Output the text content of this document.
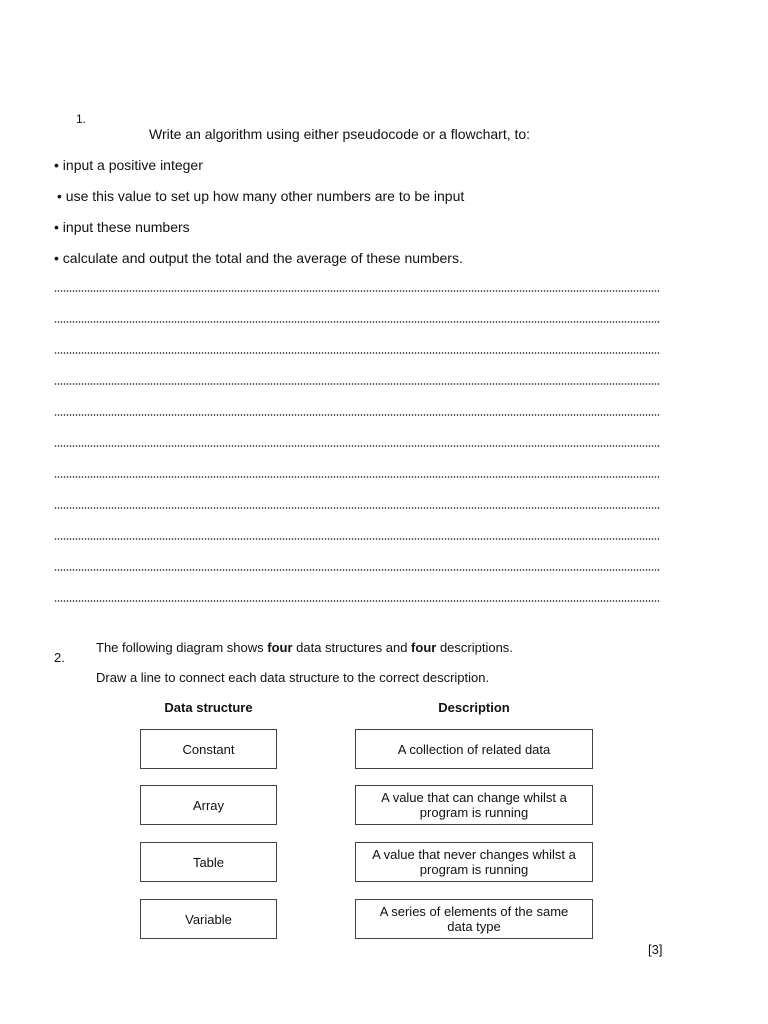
1.
Write an algorithm using either pseudocode or a flowchart, to:
• input a positive integer
• use this value to set up how many other numbers are to be input
• input these numbers
• calculate and output the total and the average of these numbers.
2.
The following diagram shows four data structures and four descriptions.
Draw a line to connect each data structure to the correct description.
Data structure	Description
Constant
Array
Table
Variable
A collection of related data
A value that can change whilst a program is running
A value that never changes whilst a program is running
A series of elements of the same data type
[3]
